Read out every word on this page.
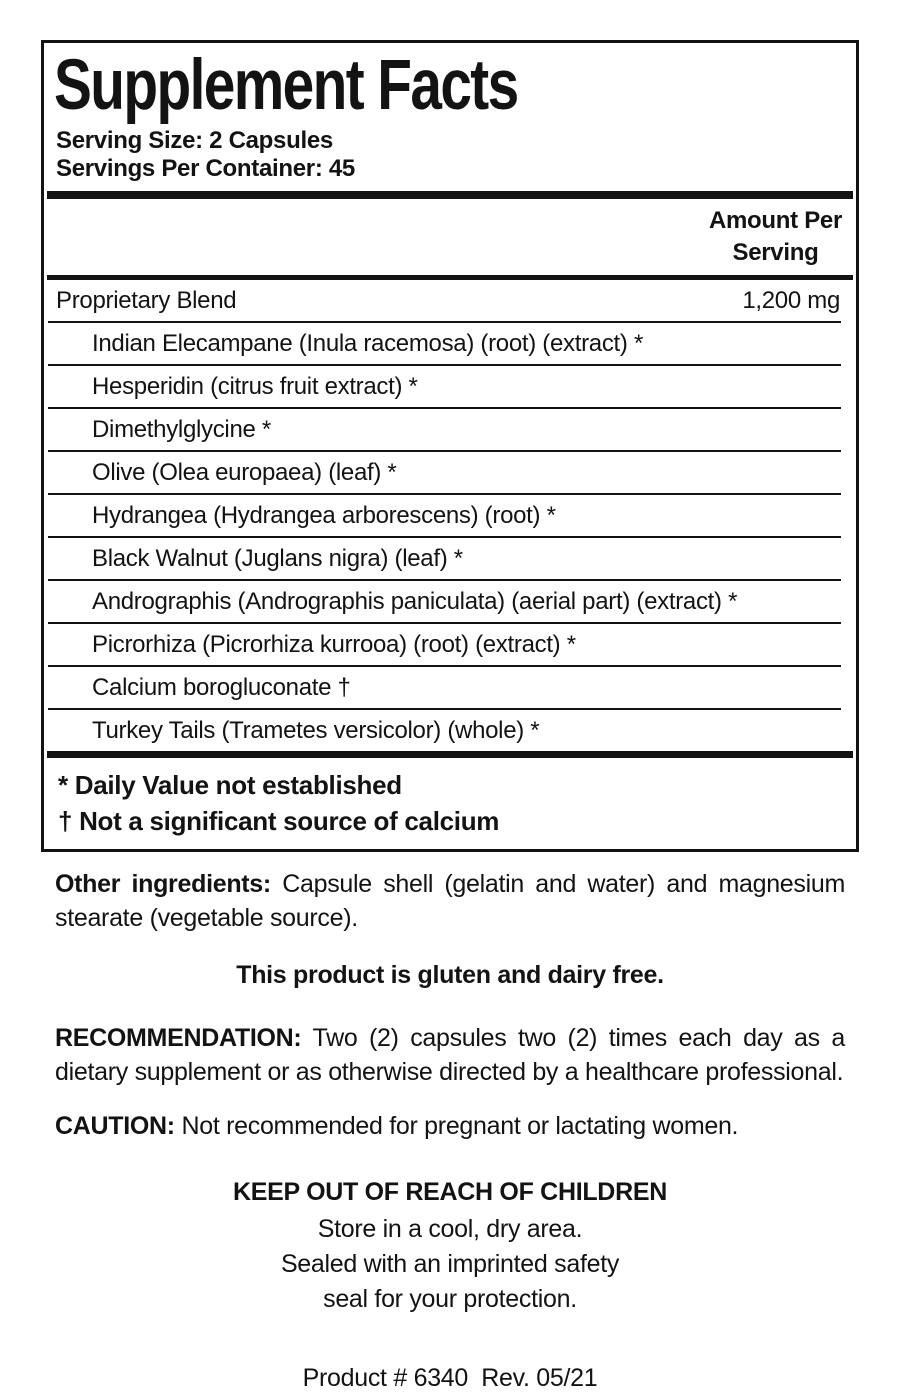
Supplement Facts
Serving Size: 2 Capsules
Servings Per Container: 45
Amount Per
Serving
Proprietary Blend	1,200 mg
Indian Elecampane (Inula racemosa) (root) (extract) *
Hesperidin (citrus fruit extract) *
Dimethylglycine *
Olive (Olea europaea) (leaf) *
Hydrangea (Hydrangea arborescens) (root) *
Black Walnut (Juglans nigra) (leaf) *
Andrographis (Andrographis paniculata) (aerial part) (extract) *
Picrorhiza (Picrorhiza kurrooa) (root) (extract) *
Calcium borogluconate †
Turkey Tails (Trametes versicolor) (whole) *
* Daily Value not established
† Not a significant source of calcium

Other ingredients: Capsule shell (gelatin and water) and magnesium stearate (vegetable source).

This product is gluten and dairy free.

RECOMMENDATION: Two (2) capsules two (2) times each day as a dietary supplement or as otherwise directed by a healthcare professional.

CAUTION: Not recommended for pregnant or lactating women.

KEEP OUT OF REACH OF CHILDREN
Store in a cool, dry area.
Sealed with an imprinted safety
seal for your protection.
Product # 6340  Rev. 05/21
